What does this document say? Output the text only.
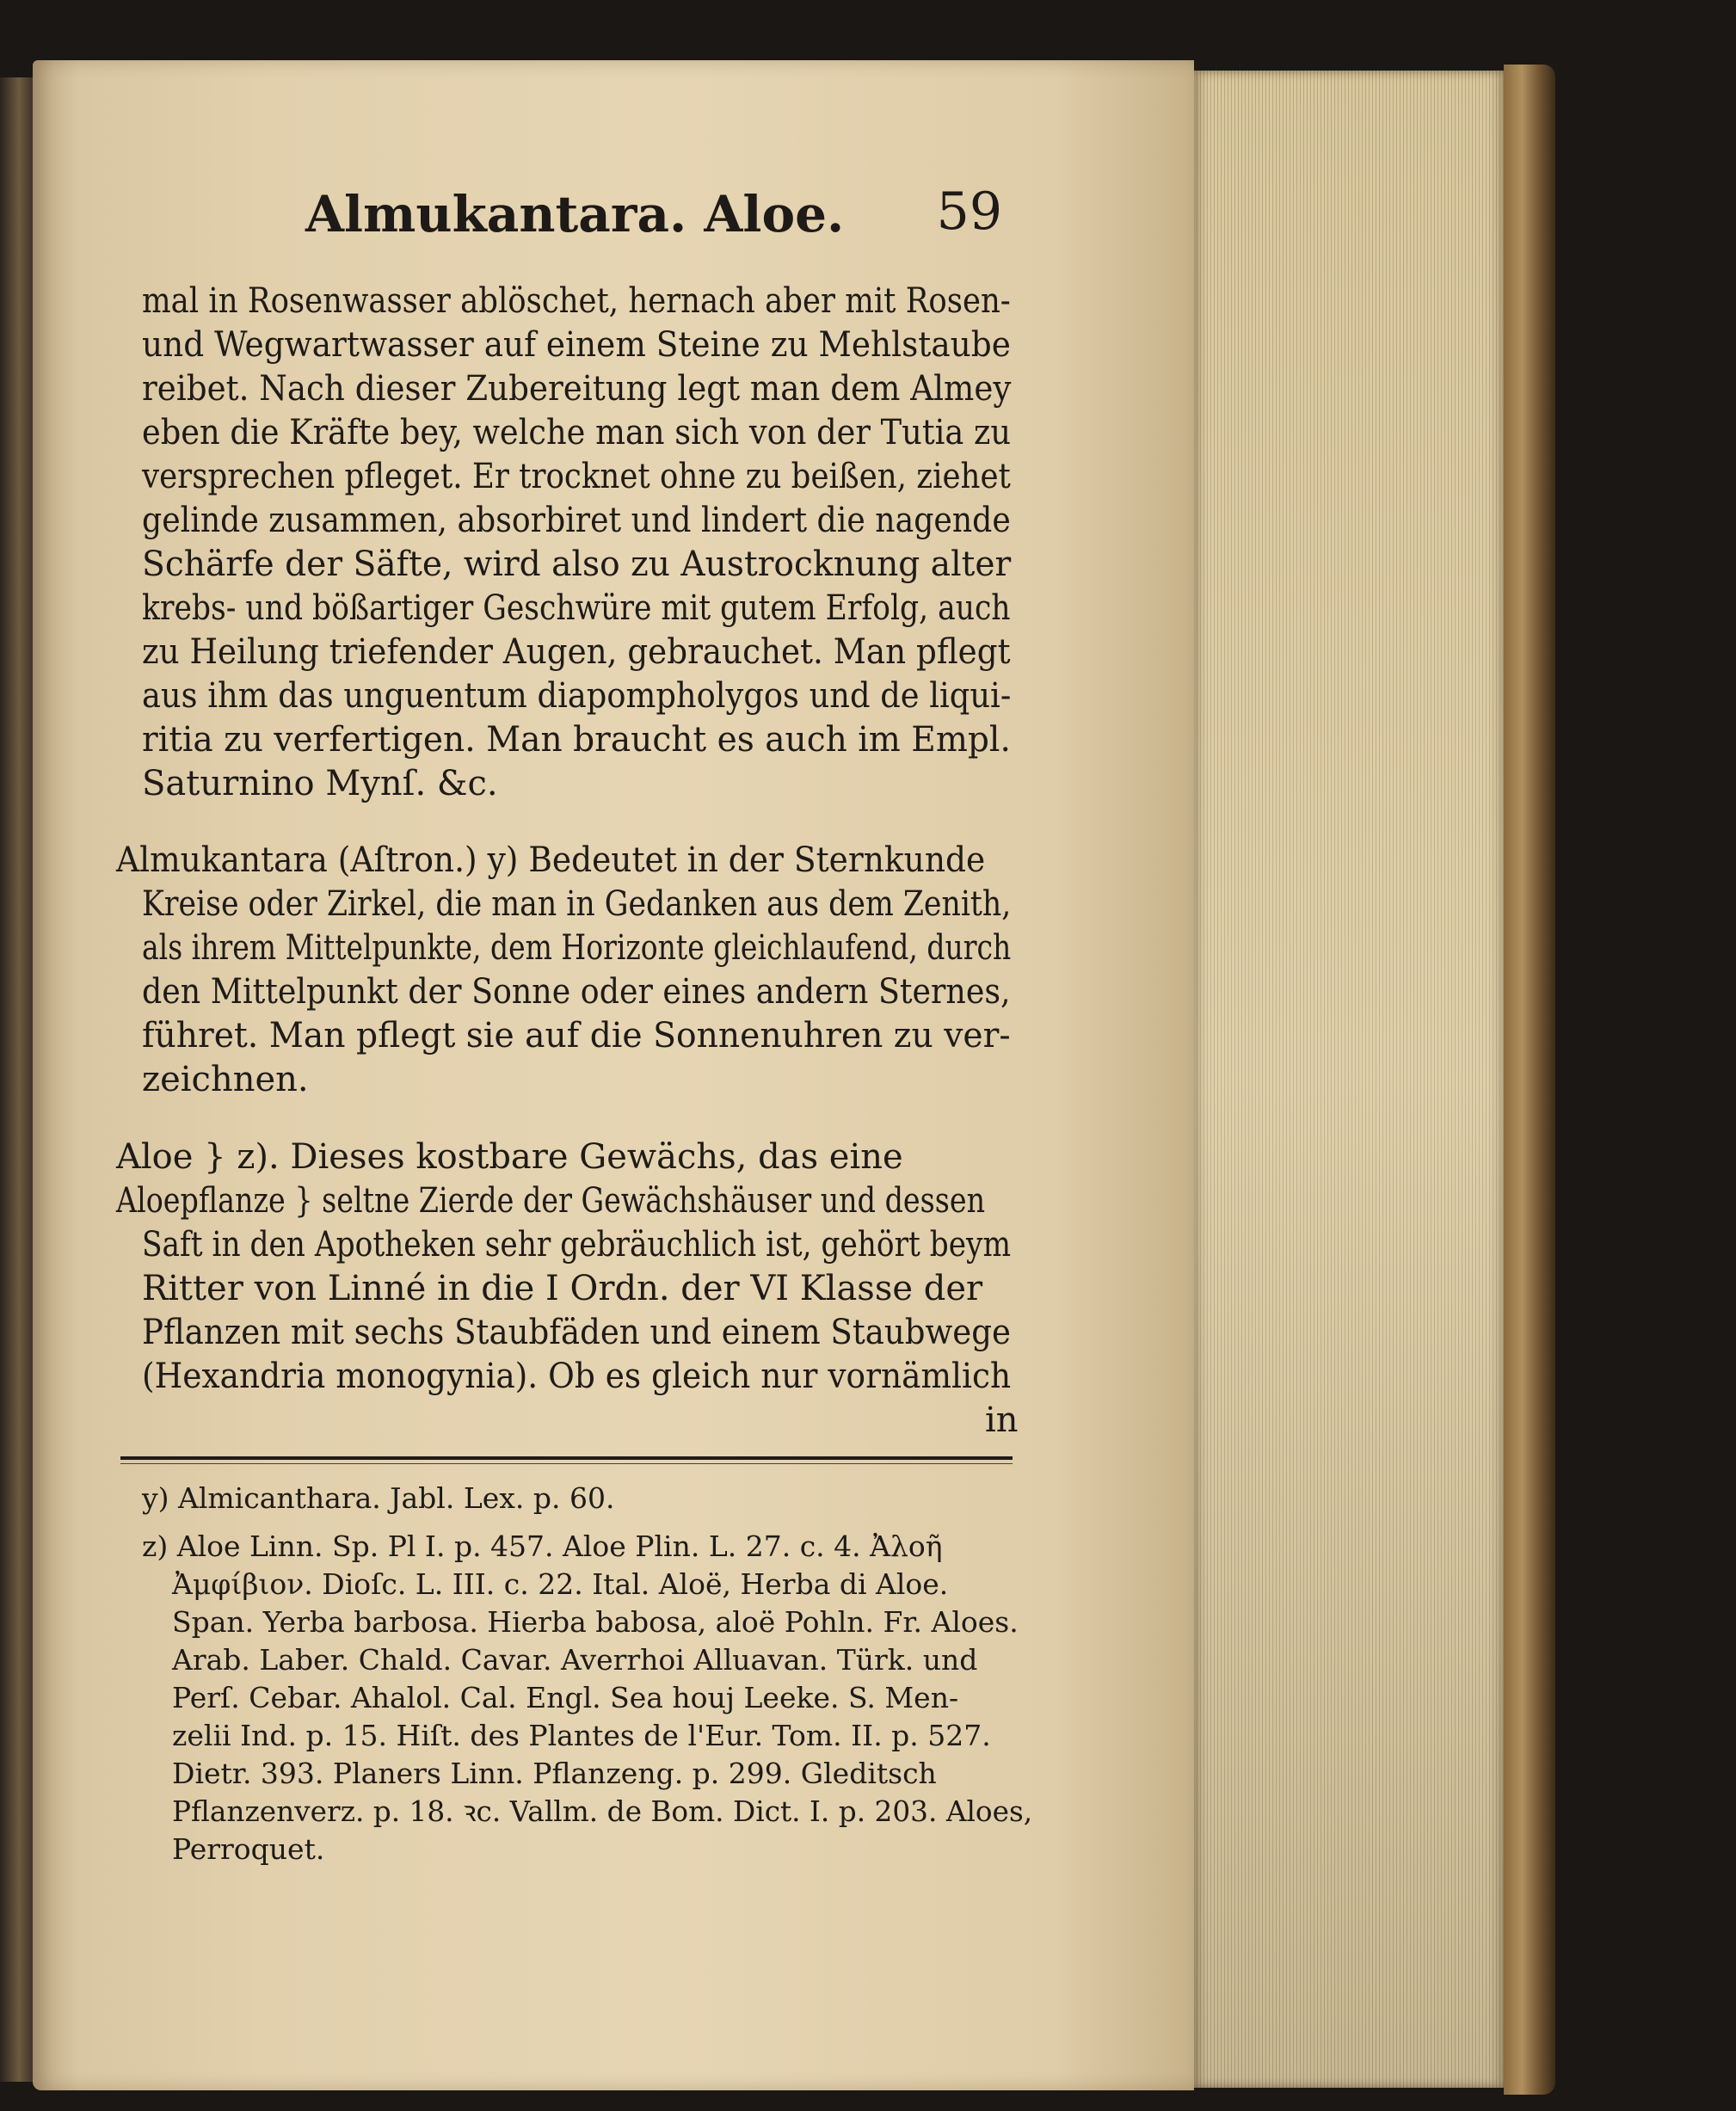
Almukantara. Aloe. 59
mal in Rosenwasser ablöschet, hernach aber mit Rosen-
und Wegwartwasser auf einem Steine zu Mehlstaube
reibet. Nach dieser Zubereitung legt man dem Almey
eben die Kräfte bey, welche man sich von der Tutia zu
versprechen pfleget. Er trocknet ohne zu beißen, ziehet
gelinde zusammen, absorbiret und lindert die nagende
Schärfe der Säfte, wird also zu Austrocknung alter
krebs- und bößartiger Geschwüre mit gutem Erfolg, auch
zu Heilung triefender Augen, gebrauchet. Man pflegt
aus ihm das unguentum diapompholygos und de liqui-
ritia zu verfertigen. Man braucht es auch im Empl.
Saturnino Mynſ. &c.
Almukantara (Aſtron.) y) Bedeutet in der Sternkunde
Kreise oder Zirkel, die man in Gedanken aus dem Zenith,
als ihrem Mittelpunkte, dem Horizonte gleichlaufend, durch
den Mittelpunkt der Sonne oder eines andern Sternes,
führet. Man pflegt sie auf die Sonnenuhren zu ver-
zeichnen.
Aloe } z). Dieses kostbare Gewächs, das eine
Aloepflanze } seltne Zierde der Gewächshäuser und dessen
Saft in den Apotheken sehr gebräuchlich ist, gehört beym
Ritter von Linné in die I Ordn. der VI Klasse der
Pflanzen mit sechs Staubfäden und einem Staubwege
(Hexandria monogynia). Ob es gleich nur vornämlich
in
y) Almicanthara. Jabl. Lex. p. 60.
z) Aloe Linn. Sp. Pl I. p. 457. Aloe Plin. L. 27. c. 4. Ἀλοῆ
Ἀμφίβιον. Dioſc. L. III. c. 22. Ital. Aloë, Herba di Aloe.
Span. Yerba barbosa. Hierba babosa, aloë Pohln. Fr. Aloes.
Arab. Laber. Chald. Cavar. Averrhoi Alluavan. Türk. und
Perſ. Cebar. Ahalol. Cal. Engl. Sea houj Leeke. S. Men-
zelii Ind. p. 15. Hiſt. des Plantes de l'Eur. Tom. II. p. 527.
Dietr. 393. Planers Linn. Pflanzeng. p. 299. Gleditsch
Pflanzenverz. p. 18. ꝛc. Vallm. de Bom. Dict. I. p. 203. Aloes,
Perroquet.
